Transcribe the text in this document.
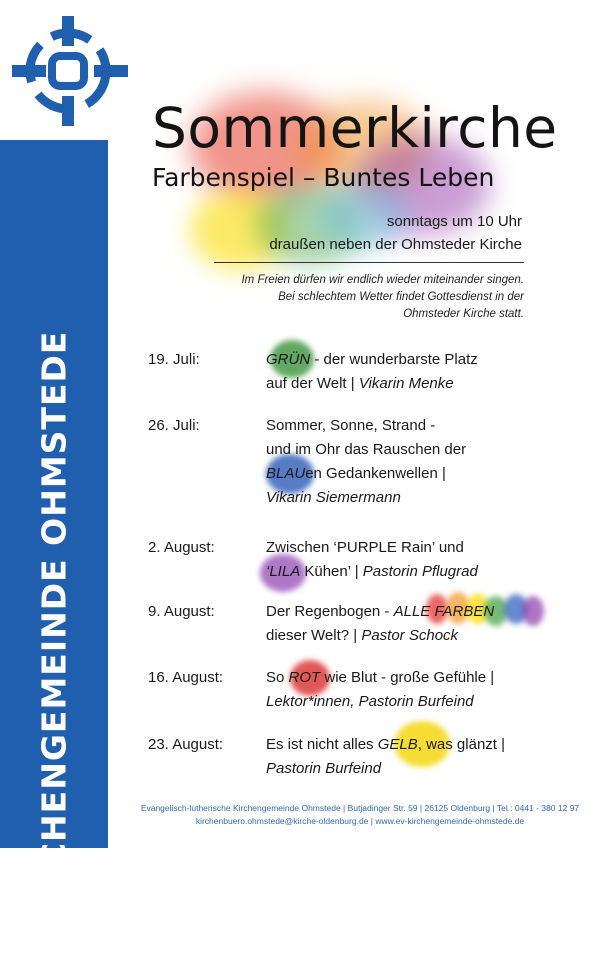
KIRCHENGEMEINDE OHMSTEDE
Sommerkirche
Farbenspiel – Buntes Leben
sonntags um 10 Uhr
draußen neben der Ohmsteder Kirche
Im Freien dürfen wir endlich wieder miteinander singen.
Bei schlechtem Wetter findet Gottesdienst in der
Ohmsteder Kirche statt.
19. Juli:	GRÜN - der wunderbarste Platz
auf der Welt | Vikarin Menke
26. Juli:	Sommer, Sonne, Strand -
und im Ohr das Rauschen der
BLAUen Gedankenwellen |
Vikarin Siemermann
2. August:	Zwischen ‘PURPLE Rain’ und
‘LILA Kühen’ | Pastorin Pflugrad
9. August:	Der Regenbogen - ALLE FARBEN
dieser Welt? | Pastor Schock
16. August:	So ROT wie Blut - große Gefühle |
Lektor*innen, Pastorin Burfeind
23. August:	Es ist nicht alles GELB, was glänzt |
Pastorin Burfeind
Evangelisch-lutherische Kirchengemeinde Ohmstede | Butjadinger Str. 59 | 26125 Oldenburg | Tel.: 0441 - 380 12 97
kirchenbuero.ohmstede@kirche-oldenburg.de | www.ev-kirchengemeinde-ohmstede.de
